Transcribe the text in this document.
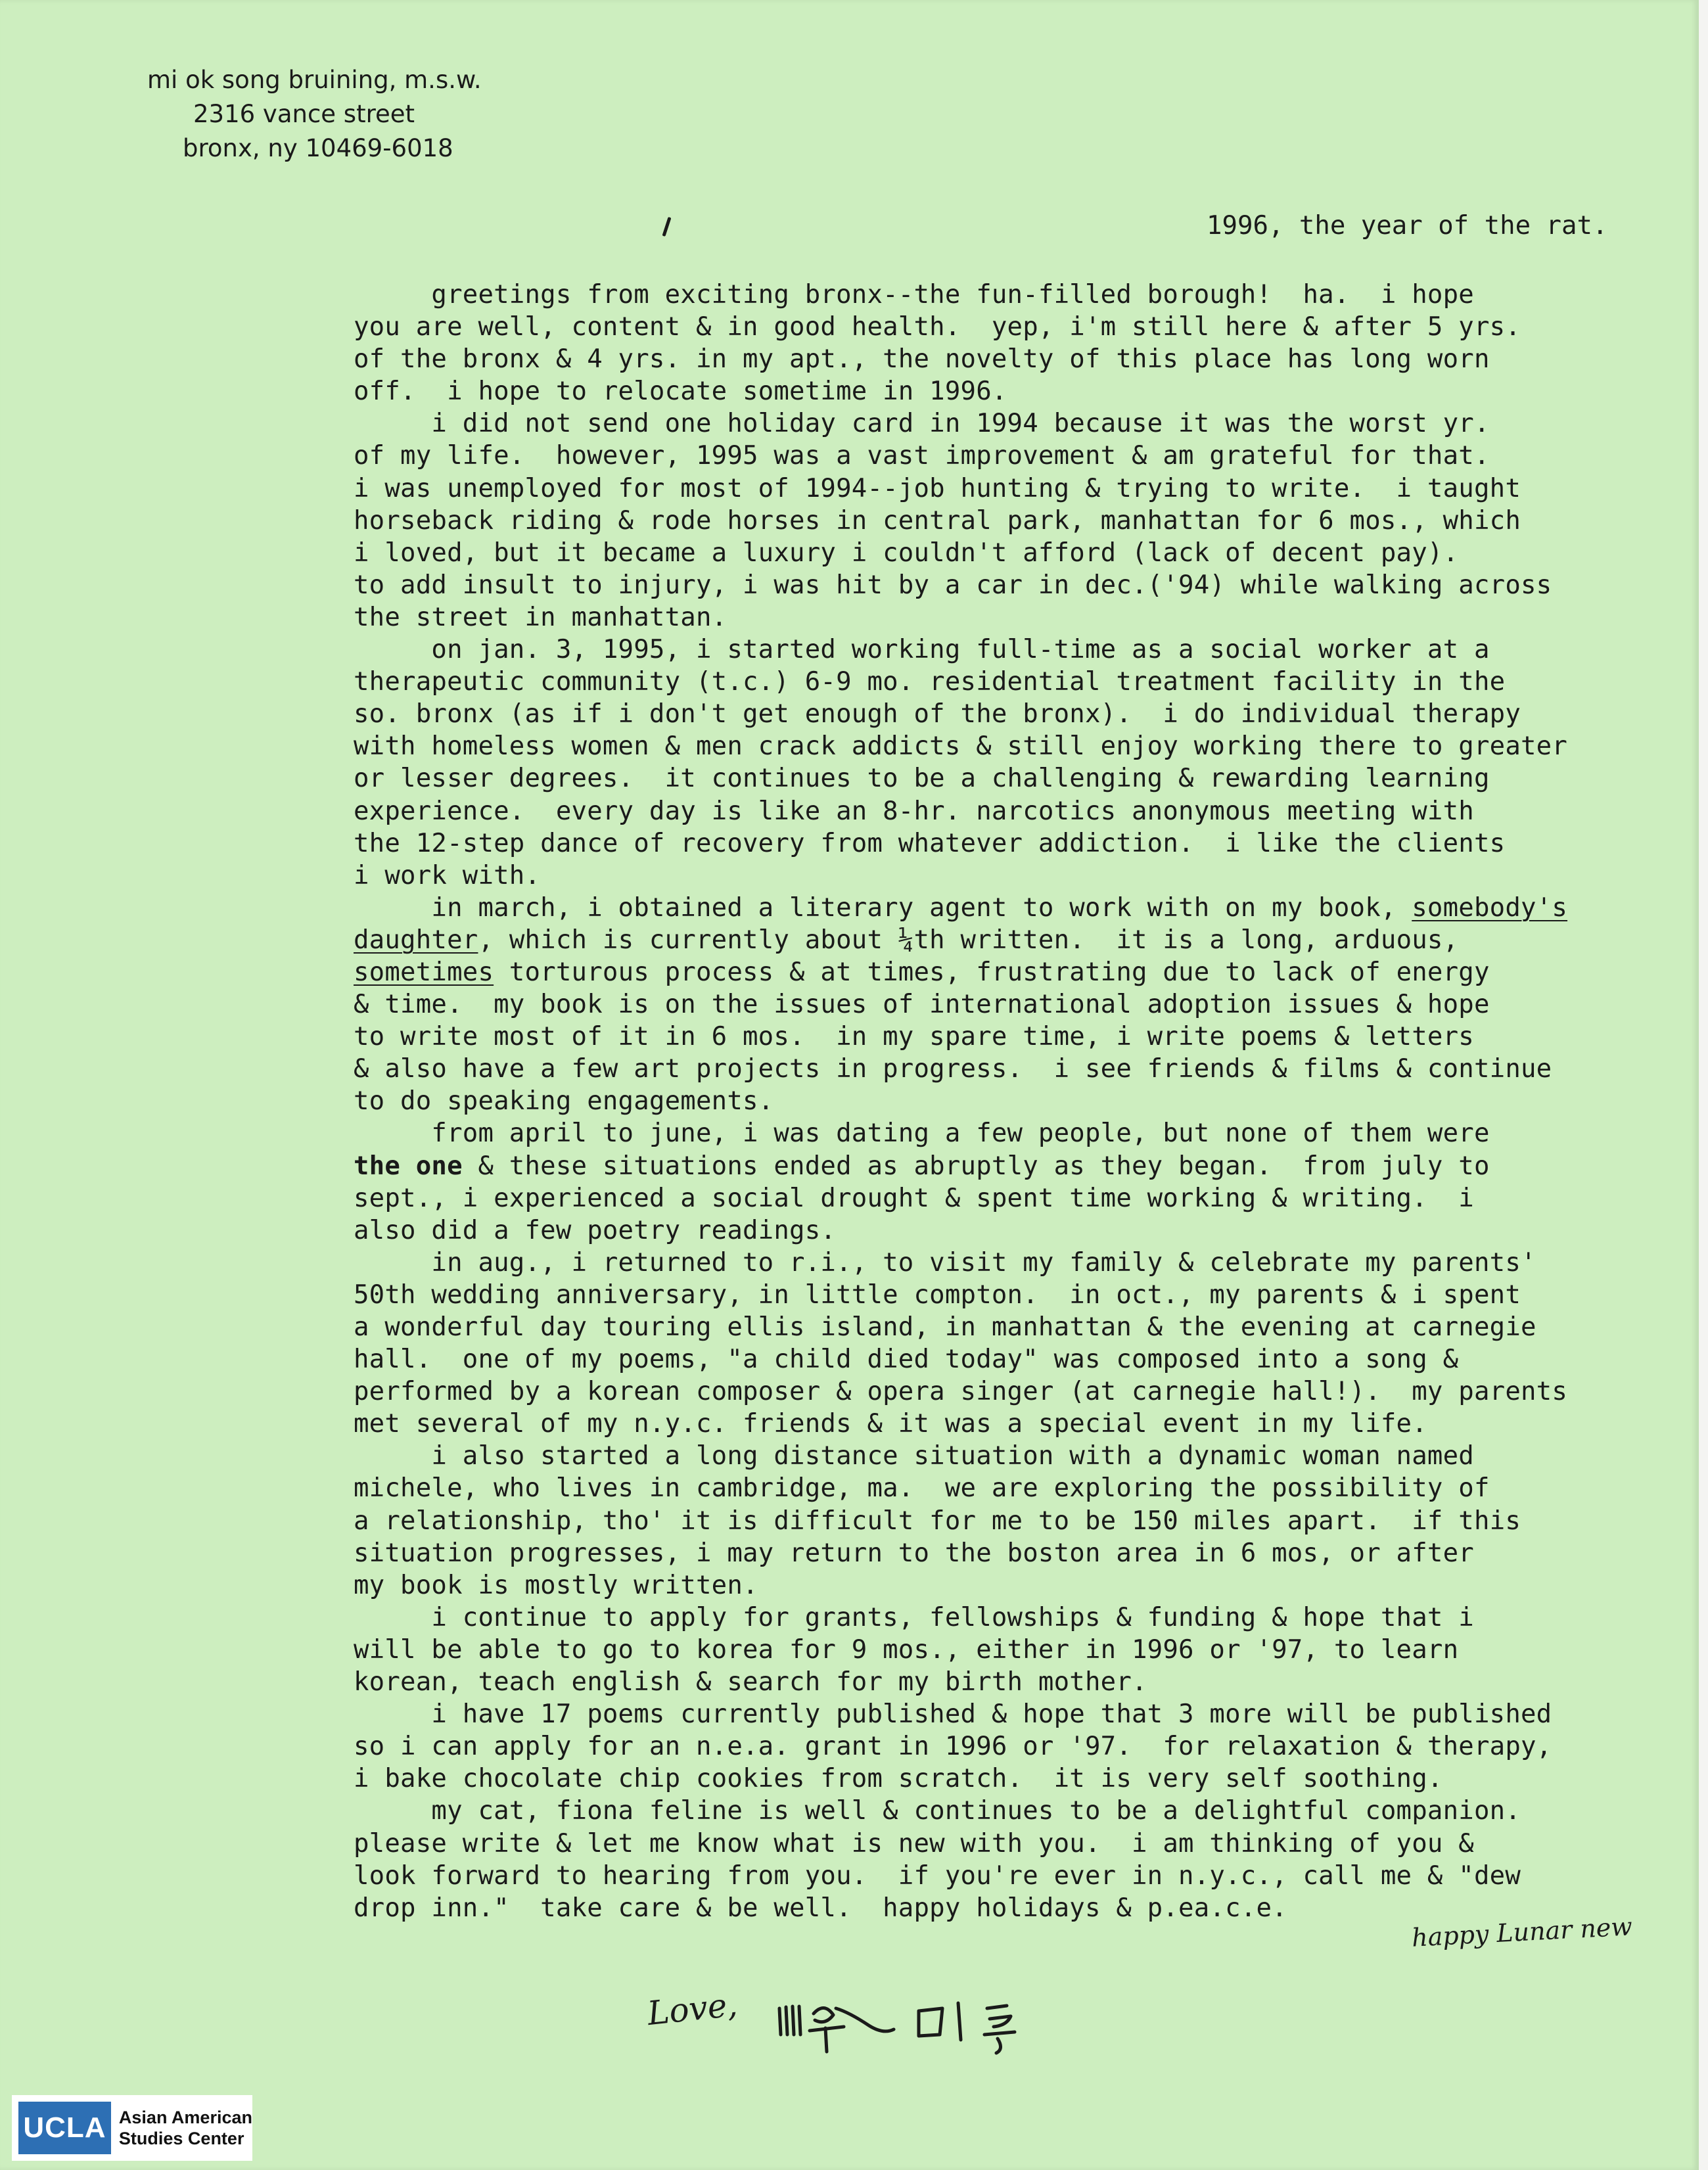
mi ok song bruining, m.s.w.
2316 vance street
bronx, ny 10469-6018
1996, the year of the rat.
greetings from exciting bronx--the fun-filled borough!  ha.  i hope
you are well, content & in good health.  yep, i'm still here & after 5 yrs.
of the bronx & 4 yrs. in my apt., the novelty of this place has long worn
off.  i hope to relocate sometime in 1996.
i did not send one holiday card in 1994 because it was the worst yr.
of my life.  however, 1995 was a vast improvement & am grateful for that.
i was unemployed for most of 1994--job hunting & trying to write.  i taught
horseback riding & rode horses in central park, manhattan for 6 mos., which
i loved, but it became a luxury i couldn't afford (lack of decent pay).
to add insult to injury, i was hit by a car in dec.('94) while walking across
the street in manhattan.
on jan. 3, 1995, i started working full-time as a social worker at a
therapeutic community (t.c.) 6-9 mo. residential treatment facility in the
so. bronx (as if i don't get enough of the bronx).  i do individual therapy
with homeless women & men crack addicts & still enjoy working there to greater
or lesser degrees.  it continues to be a challenging & rewarding learning
experience.  every day is like an 8-hr. narcotics anonymous meeting with
the 12-step dance of recovery from whatever addiction.  i like the clients
i work with.
in march, i obtained a literary agent to work with on my book, somebody's
daughter, which is currently about ¼th written.  it is a long, arduous,
sometimes torturous process & at times, frustrating due to lack of energy
& time.  my book is on the issues of international adoption issues & hope
to write most of it in 6 mos.  in my spare time, i write poems & letters
& also have a few art projects in progress.  i see friends & films & continue
to do speaking engagements.
from april to june, i was dating a few people, but none of them were
the one & these situations ended as abruptly as they began.  from july to
sept., i experienced a social drought & spent time working & writing.  i
also did a few poetry readings.
in aug., i returned to r.i., to visit my family & celebrate my parents'
50th wedding anniversary, in little compton.  in oct., my parents & i spent
a wonderful day touring ellis island, in manhattan & the evening at carnegie
hall.  one of my poems, "a child died today" was composed into a song &
performed by a korean composer & opera singer (at carnegie hall!).  my parents
met several of my n.y.c. friends & it was a special event in my life.
i also started a long distance situation with a dynamic woman named
michele, who lives in cambridge, ma.  we are exploring the possibility of
a relationship, tho' it is difficult for me to be 150 miles apart.  if this
situation progresses, i may return to the boston area in 6 mos, or after
my book is mostly written.
i continue to apply for grants, fellowships & funding & hope that i
will be able to go to korea for 9 mos., either in 1996 or '97, to learn
korean, teach english & search for my birth mother.
i have 17 poems currently published & hope that 3 more will be published
so i can apply for an n.e.a. grant in 1996 or '97.  for relaxation & therapy,
i bake chocolate chip cookies from scratch.  it is very self soothing.
my cat, fiona feline is well & continues to be a delightful companion.
please write & let me know what is new with you.  i am thinking of you &
look forward to hearing from you.  if you're ever in n.y.c., call me & "dew
drop inn."  take care & be well.  happy holidays & p.ea.c.e.
happy Lunar new
Love,
UCLA Asian American
Studies Center
